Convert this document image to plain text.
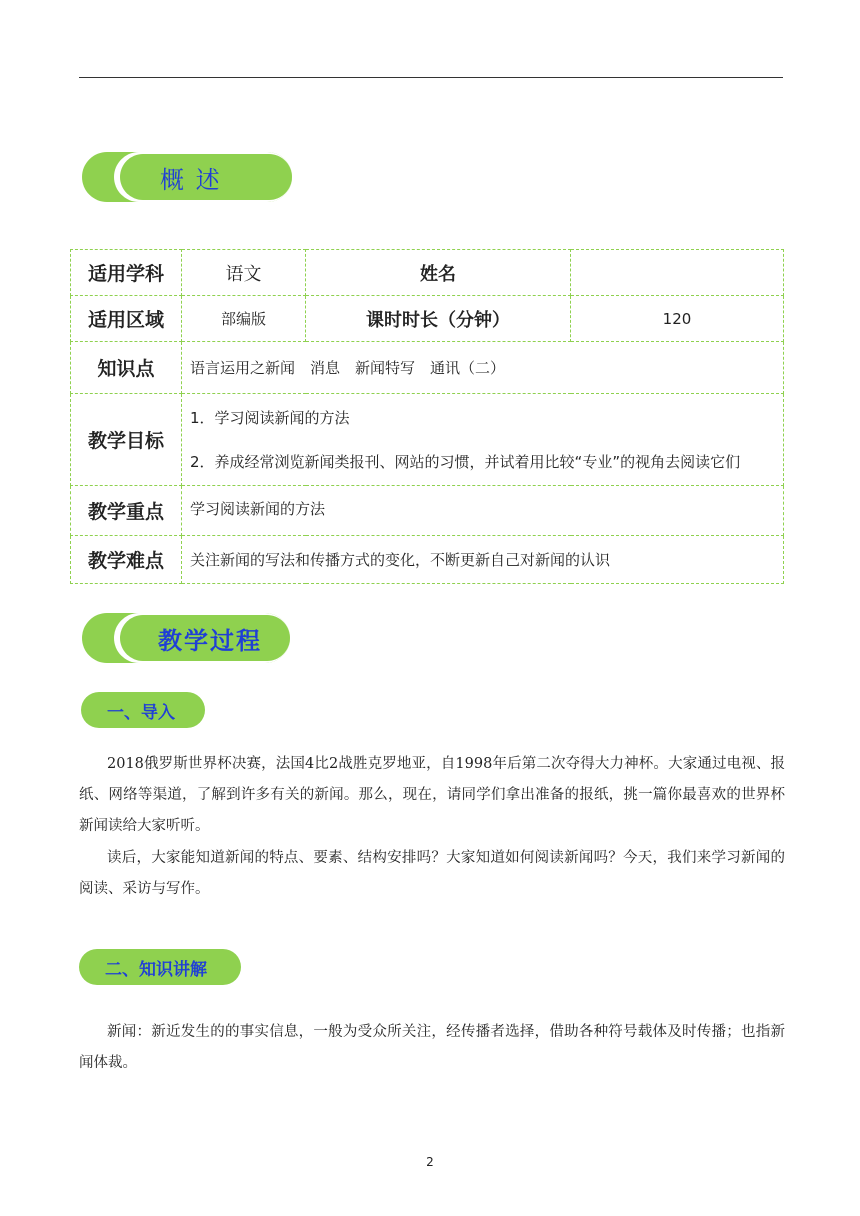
概 述
适用学科	语文	姓名	
适用区域	部编版	课时时长（分钟）	120
知识点	语言运用之新闻　消息　新闻特写　通讯（二）		
教学目标	1．学习阅读新闻的方法
2．养成经常浏览新闻类报刊、网站的习惯，并试着用比较“专业”的视角去阅读它们		

教学重点	学习阅读新闻的方法		
教学难点	关注新闻的写法和传播方式的变化，不断更新自己对新闻的认识		
教学过程
一、导入
2018俄罗斯世界杯决赛，法国4比2战胜克罗地亚，自1998年后第二次夺得大力神杯。大家通过电视、报纸、网络等渠道，了解到许多有关的新闻。那么，现在，请同学们拿出准备的报纸，挑一篇你最喜欢的世界杯新闻读给大家听听。
读后，大家能知道新闻的特点、要素、结构安排吗？大家知道如何阅读新闻吗？今天，我们来学习新闻的阅读、采访与写作。
二、知识讲解
新闻：新近发生的的事实信息，一般为受众所关注，经传播者选择，借助各种符号载体及时传播；也指新闻体裁。
2
